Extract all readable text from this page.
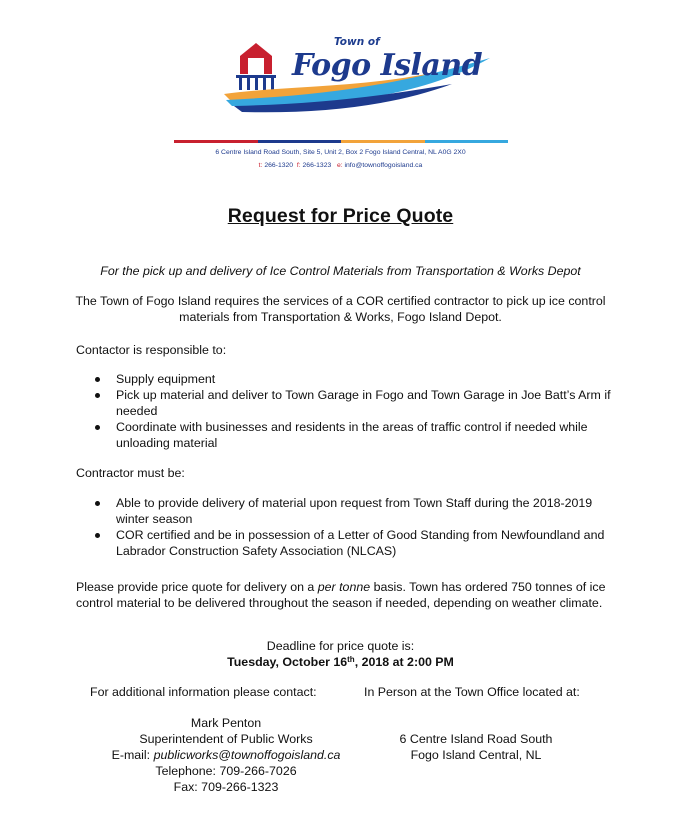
Town of
Fogo Island
6 Centre Island Road South, Site 5, Unit 2, Box 2 Fogo Island Central, NL A0G 2X0
t: 266-1320 f: 266-1323 e: info@townoffogoisland.ca
Request for Price Quote
For the pick up and delivery of Ice Control Materials from Transportation & Works Depot
The Town of Fogo Island requires the services of a COR certified contractor to pick up ice control materials from Transportation & Works, Fogo Island Depot.
Contactor is responsible to:
Supply equipment
Pick up material and deliver to Town Garage in Fogo and Town Garage in Joe Batt’s Arm if needed
Coordinate with businesses and residents in the areas of traffic control if needed while unloading material
Contractor must be:
Able to provide delivery of material upon request from Town Staff during the 2018-2019 winter season
COR certified and be in possession of a Letter of Good Standing from Newfoundland and Labrador Construction Safety Association (NLCAS)
Please provide price quote for delivery on a per tonne basis. Town has ordered 750 tonnes of ice control material to be delivered throughout the season if needed, depending on weather climate.
Deadline for price quote is:
Tuesday, October 16th, 2018 at 2:00 PM
For additional information please contact:	In Person at the Town Office located at:
Mark Penton
Superintendent of Public Works
E-mail: publicworks@townoffogoisland.ca
Telephone: 709-266-7026
Fax: 709-266-1323
6 Centre Island Road South
Fogo Island Central, NL
